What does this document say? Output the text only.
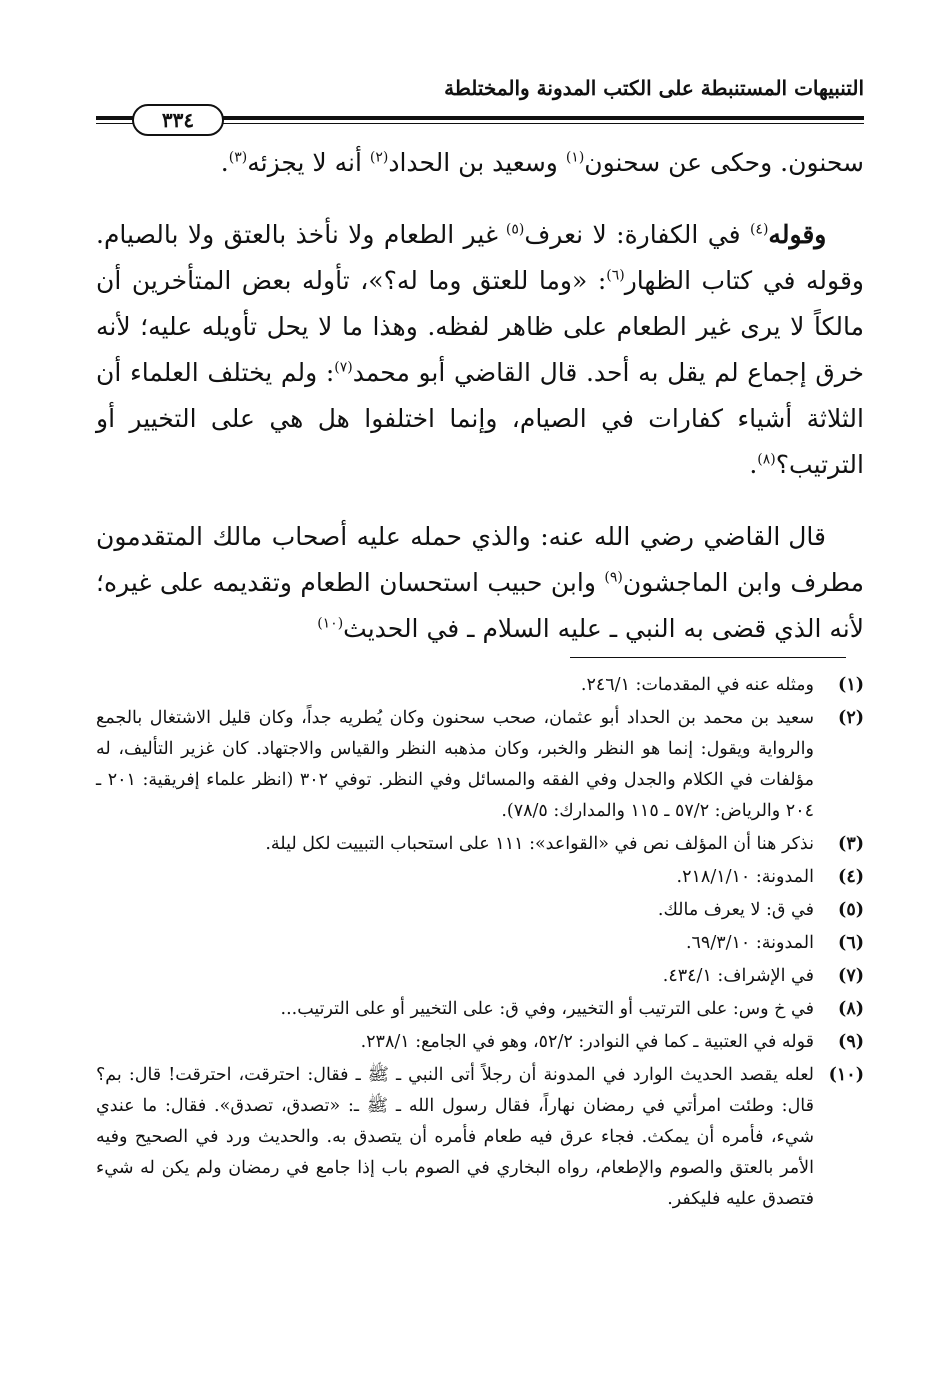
التنبيهات المستنبطة على الكتب المدونة والمختلطة
٣٣٤

سحنون. وحكى عن سحنون$^{(١)}$ وسعيد بن الحداد$^{(٢)}$ أنه لا يجزئه$^{(٣)}$.

وقوله$^{(٤)}$ في الكفارة: لا نعرف$^{(٥)}$ غير الطعام ولا نأخذ بالعتق ولا بالصيام. وقوله في كتاب الظهار$^{(٦)}$: «وما للعتق وما له؟»، تأوله بعض المتأخرين أن مالكاً لا يرى غير الطعام على ظاهر لفظه. وهذا ما لا يحل تأويله عليه؛ لأنه خرق إجماع لم يقل به أحد. قال القاضي أبو محمد$^{(٧)}$: ولم يختلف العلماء أن الثلاثة أشياء كفارات في الصيام، وإنما اختلفوا هل هي على التخيير أو الترتيب؟$^{(٨)}$.

قال القاضي رضي الله عنه: والذي حمله عليه أصحاب مالك المتقدمون مطرف وابن الماجشون$^{(٩)}$ وابن حبيب استحسان الطعام وتقديمه على غيره؛ لأنه الذي قضى به النبي ـ عليه السلام ـ في الحديث$^{(١٠)}$

(١)
ومثله عنه في المقدمات: ٢٤٦/١.
(٢)
سعيد بن محمد بن الحداد أبو عثمان، صحب سحنون وكان يُطريه جداً، وكان قليل الاشتغال بالجمع والرواية ويقول: إنما هو النظر والخبر، وكان مذهبه النظر والقياس والاجتهاد. كان غزير التأليف، له مؤلفات في الكلام والجدل وفي الفقه والمسائل وفي النظر. توفي ٣٠٢ (انظر علماء إفريقية: ٢٠١ ـ ٢٠٤ والرياض: ٥٧/٢ ـ ١١٥ والمدارك: ٧٨/٥).
(٣)
نذكر هنا أن المؤلف نص في «القواعد»: ١١١ على استحباب التبييت لكل ليلة.
(٤)
المدونة: ٢١٨/١/١٠.
(٥)
في ق: لا يعرف مالك.
(٦)
المدونة: ٦٩/٣/١٠.
(٧)
في الإشراف: ٤٣٤/١.
(٨)
في خ وس: على الترتيب أو التخيير، وفي ق: على التخيير أو على الترتيب...
(٩)
قوله في العتبية ـ كما في النوادر: ٥٢/٢، وهو في الجامع: ٢٣٨/١.
(١٠)
لعله يقصد الحديث الوارد في المدونة أن رجلاً أتى النبي ـ ﷺ ـ فقال: احترقت، احترقت! قال: بم؟ قال: وطئت امرأتي في رمضان نهاراً، فقال رسول الله ـ ﷺ ـ: «تصدق، تصدق». فقال: ما عندي شيء، فأمره أن يمكث. فجاء عرق فيه طعام فأمره أن يتصدق به. والحديث ورد في الصحيح وفيه الأمر بالعتق والصوم والإطعام، رواه البخاري في الصوم باب إذا جامع في رمضان ولم يكن له شيء فتصدق عليه فليكفر.
